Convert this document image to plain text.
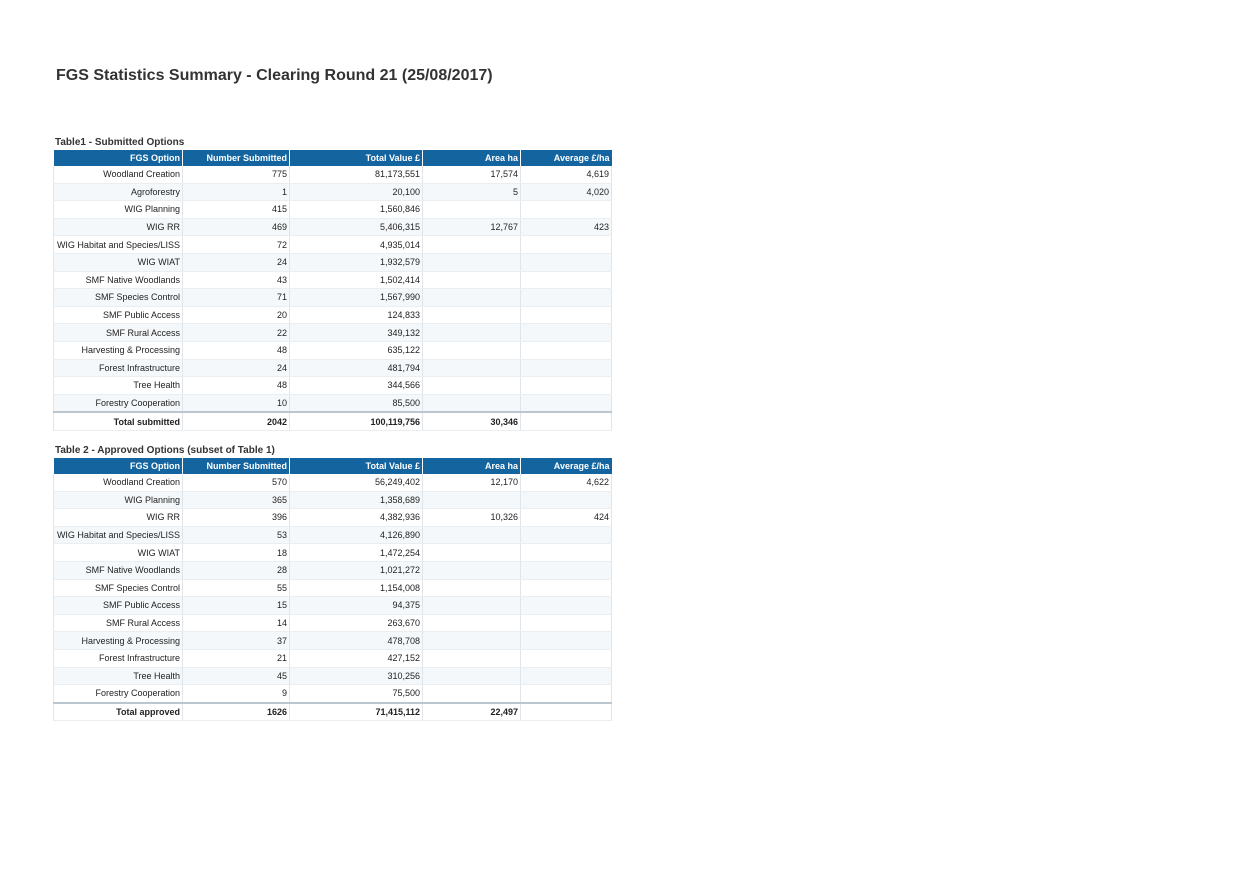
FGS Statistics Summary - Clearing Round 21 (25/08/2017)
Table1 - Submitted Options
FGS Option	Number Submitted	Total Value £	Area ha	Average £/ha
Woodland Creation	775	81,173,551	17,574	4,619
Agroforestry	1	20,100	5	4,020
WIG Planning	415	1,560,846		
WIG RR	469	5,406,315	12,767	423
WIG Habitat and Species/LISS	72	4,935,014		
WIG WIAT	24	1,932,579		
SMF Native Woodlands	43	1,502,414		
SMF Species Control	71	1,567,990		
SMF Public Access	20	124,833		
SMF Rural Access	22	349,132		
Harvesting & Processing	48	635,122		
Forest Infrastructure	24	481,794		
Tree Health	48	344,566		
Forestry Cooperation	10	85,500		
Total submitted	2042	100,119,756	30,346	
Table 2 - Approved Options (subset of Table 1)
FGS Option	Number Submitted	Total Value £	Area ha	Average £/ha
Woodland Creation	570	56,249,402	12,170	4,622
WIG Planning	365	1,358,689		
WIG RR	396	4,382,936	10,326	424
WIG Habitat and Species/LISS	53	4,126,890		
WIG WIAT	18	1,472,254		
SMF Native Woodlands	28	1,021,272		
SMF Species Control	55	1,154,008		
SMF Public Access	15	94,375		
SMF Rural Access	14	263,670		
Harvesting & Processing	37	478,708		
Forest Infrastructure	21	427,152		
Tree Health	45	310,256		
Forestry Cooperation	9	75,500		
Total approved	1626	71,415,112	22,497	
